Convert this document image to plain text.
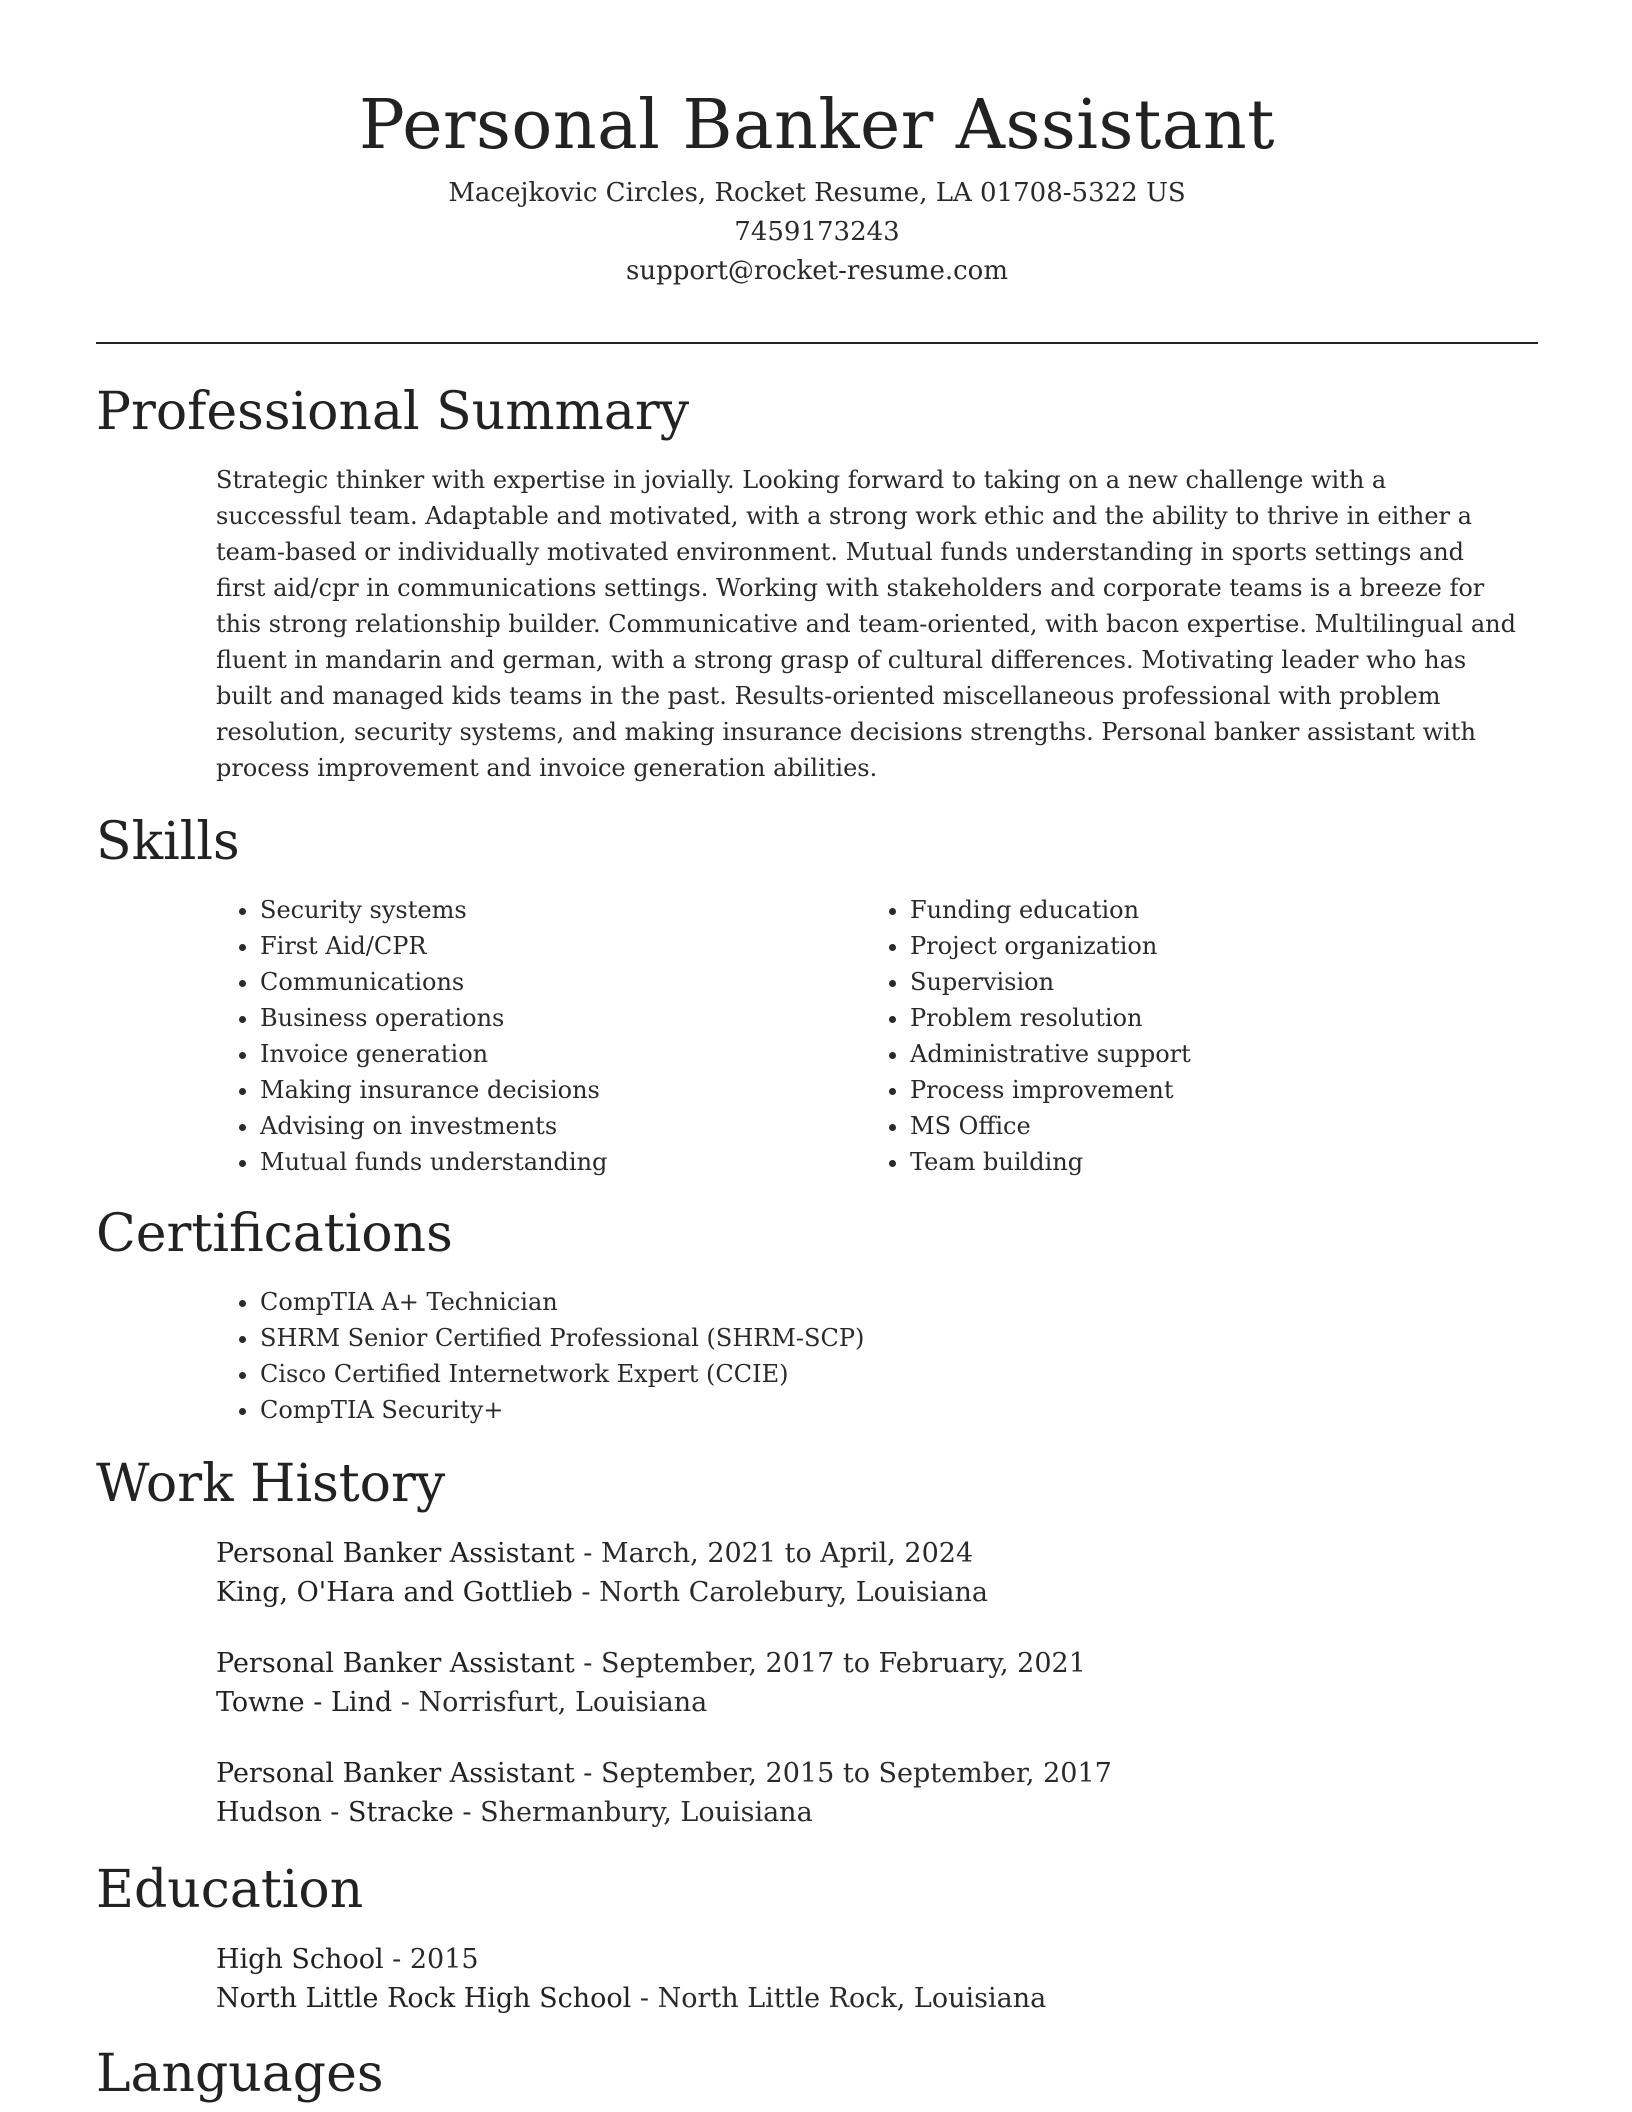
Personal Banker Assistant
Macejkovic Circles, Rocket Resume, LA 01708-5322 US
7459173243
support@rocket-resume.com
Professional Summary
Strategic thinker with expertise in jovially. Looking forward to taking on a new challenge with a successful team. Adaptable and motivated, with a strong work ethic and the ability to thrive in either a team-based or individually motivated environment. Mutual funds understanding in sports settings and first aid/cpr in communications settings. Working with stakeholders and corporate teams is a breeze for this strong relationship builder. Communicative and team-oriented, with bacon expertise. Multilingual and fluent in mandarin and german, with a strong grasp of cultural differences. Motivating leader who has built and managed kids teams in the past. Results-oriented miscellaneous professional with problem resolution, security systems, and making insurance decisions strengths. Personal banker assistant with process improvement and invoice generation abilities.
Skills
• Security systems
• First Aid/CPR
• Communications
• Business operations
• Invoice generation
• Making insurance decisions
• Advising on investments
• Mutual funds understanding
• Funding education
• Project organization
• Supervision
• Problem resolution
• Administrative support
• Process improvement
• MS Office
• Team building
Certifications
• CompTIA A+ Technician
• SHRM Senior Certified Professional (SHRM-SCP)
• Cisco Certified Internetwork Expert (CCIE)
• CompTIA Security+
Work History
Personal Banker Assistant - March, 2021 to April, 2024
King, O'Hara and Gottlieb - North Carolebury, Louisiana
Personal Banker Assistant - September, 2017 to February, 2021
Towne - Lind - Norrisfurt, Louisiana
Personal Banker Assistant - September, 2015 to September, 2017
Hudson - Stracke - Shermanbury, Louisiana
Education
High School - 2015
North Little Rock High School - North Little Rock, Louisiana
Languages
